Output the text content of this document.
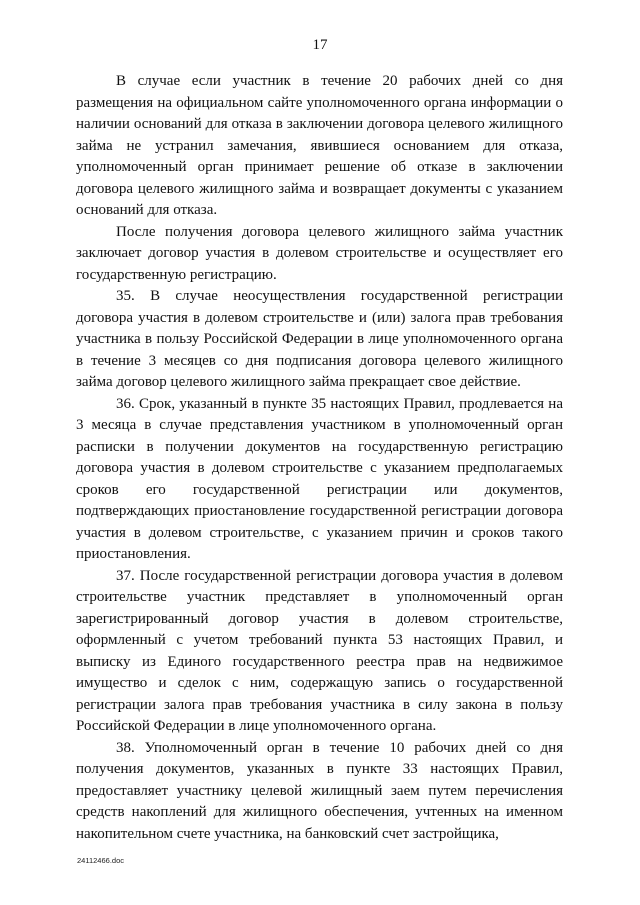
17

В случае если участник в течение 20 рабочих дней со дня размещения на официальном сайте уполномоченного органа информации о наличии оснований для отказа в заключении договора целевого жилищного займа не устранил замечания, явившиеся основанием для отказа, уполномоченный орган принимает решение об отказе в заключении договора целевого жилищного займа и возвращает документы с указанием оснований для отказа.

После получения договора целевого жилищного займа участник заключает договор участия в долевом строительстве и осуществляет его государственную регистрацию.

35. В случае неосуществления государственной регистрации договора участия в долевом строительстве и (или) залога прав требования участника в пользу Российской Федерации в лице уполномоченного органа в течение 3 месяцев со дня подписания договора целевого жилищного займа договор целевого жилищного займа прекращает свое действие.

36. Срок, указанный в пункте 35 настоящих Правил, продлевается на 3 месяца в случае представления участником в уполномоченный орган расписки в получении документов на государственную регистрацию договора участия в долевом строительстве с указанием предполагаемых сроков его государственной регистрации или документов, подтверждающих приостановление государственной регистрации договора участия в долевом строительстве, с указанием причин и сроков такого приостановления.

37. После государственной регистрации договора участия в долевом строительстве участник представляет в уполномоченный орган зарегистрированный договор участия в долевом строительстве, оформленный с учетом требований пункта 53 настоящих Правил, и выписку из Единого государственного реестра прав на недвижимое имущество и сделок с ним, содержащую запись о государственной регистрации залога прав требования участника в силу закона в пользу Российской Федерации в лице уполномоченного органа.

38. Уполномоченный орган в течение 10 рабочих дней со дня получения документов, указанных в пункте 33 настоящих Правил, предоставляет участнику целевой жилищный заем путем перечисления средств накоплений для жилищного обеспечения, учтенных на именном накопительном счете участника, на банковский счет застройщика,

24112466.doc
